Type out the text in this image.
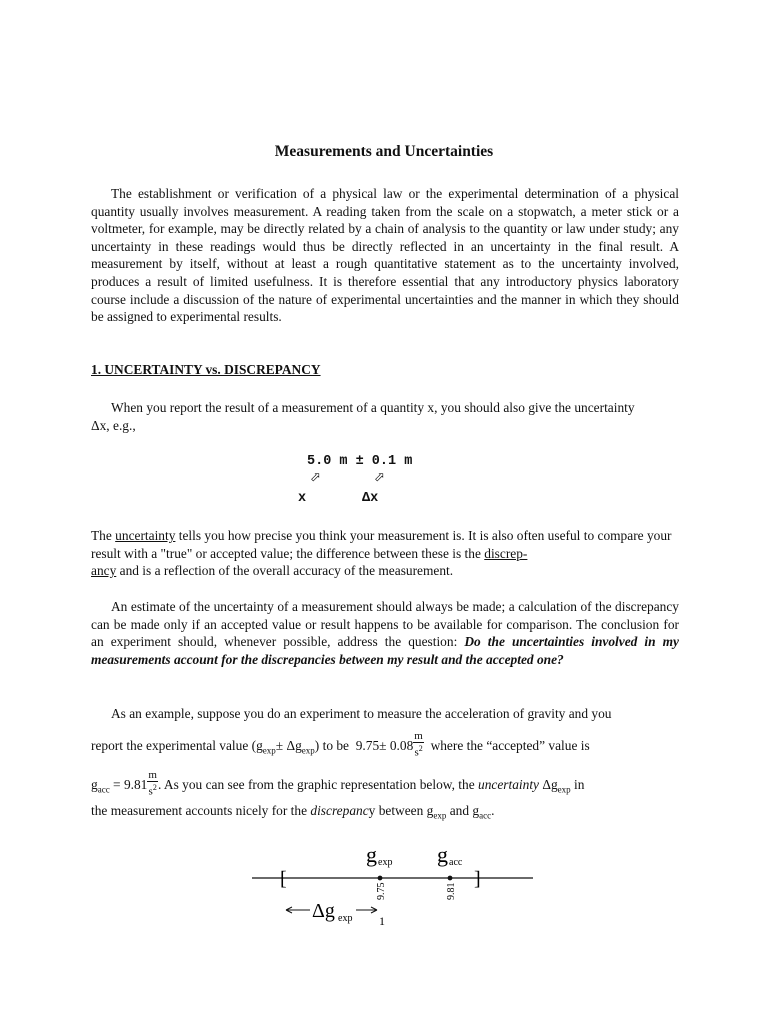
Measurements and Uncertainties
The establishment or verification of a physical law or the experimental determination of a physical quantity usually involves measurement. A reading taken from the scale on a stopwatch, a meter stick or a voltmeter, for example, may be directly related by a chain of analysis to the quantity or law under study; any uncertainty in these readings would thus be directly reflected in an uncertainty in the final result. A measurement by itself, without at least a rough quantitative statement as to the uncertainty involved, produces a result of limited usefulness. It is therefore essential that any introductory physics laboratory course include a discussion of the nature of experimental uncertainties and the manner in which they should be assigned to experimental results.
1. UNCERTAINTY vs. DISCREPANCY
When you report the result of a measurement of a quantity x, you should also give the uncertainty Δx, e.g.,
5.0 m ± 0.1 m
⬀	⬀
x	Δx
The uncertainty tells you how precise you think your measurement is. It is also often useful to compare your result with a "true" or accepted value; the difference between these is the discrep-
ancy and is a reflection of the overall accuracy of the measurement.
An estimate of the uncertainty of a measurement should always be made; a calculation of the discrepancy can be made only if an accepted value or result happens to be available for comparison. The conclusion for an experiment should, whenever possible, address the question: Do the uncertainties involved in my measurements account for the discrepancies between my result and the accepted one?
As an example, suppose you do an experiment to measure the acceleration of gravity and you
report the experimental value $(g_{exp}\pm \Delta g_{exp})$ to be $9.75\pm 0.08 \frac{m}{s^2}$ where the “accepted” value is
$g_{acc} = 9.81 \frac{m}{s^2}$ . As you can see from the graphic representation below, the uncertainty $\Delta g_{exp}$ in
the measurement accounts nicely for the discrepancy between $g_{exp}$ and $g_{acc}$.
[	]
g exp g acc
9.75	9.81
Δg exp 1
